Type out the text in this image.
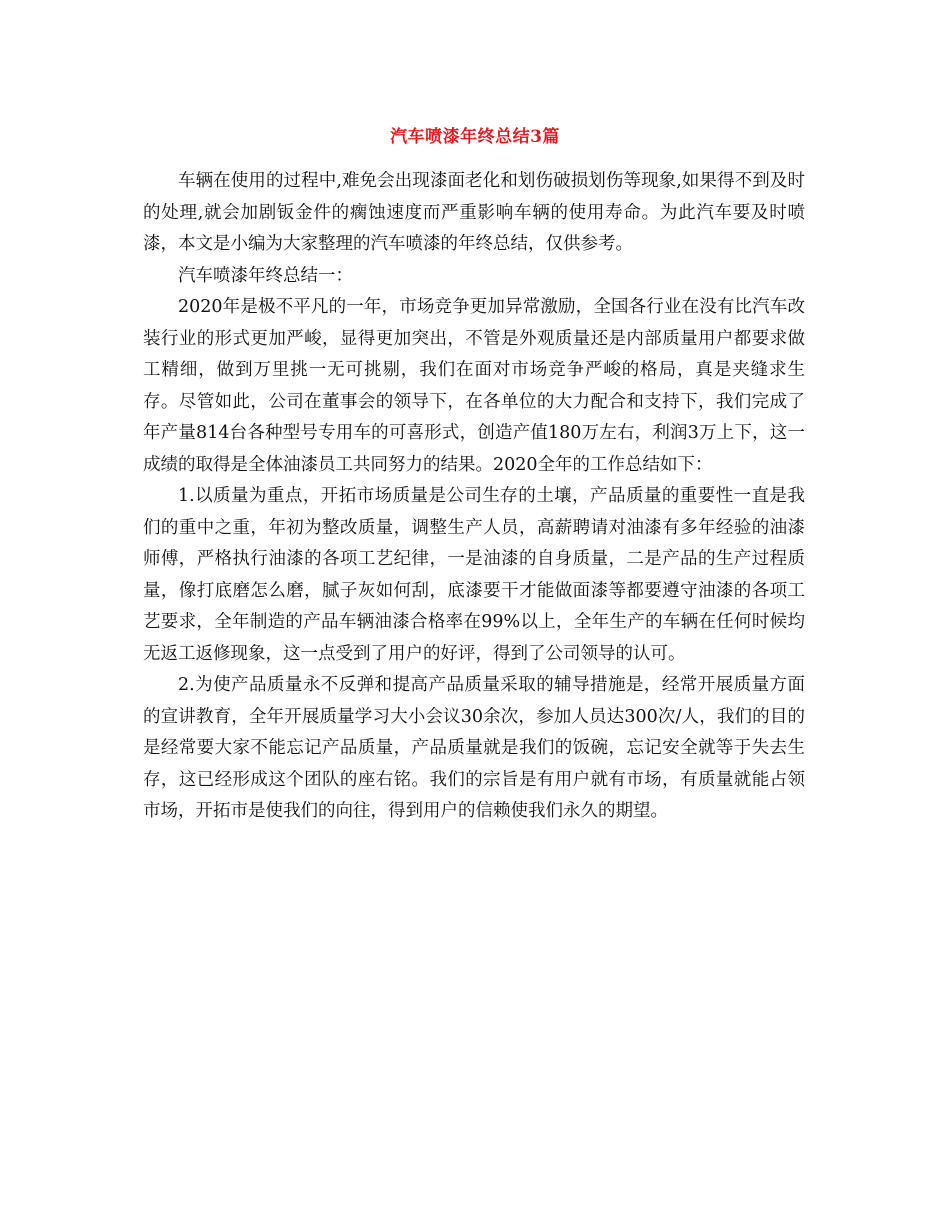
汽车喷漆年终总结3篇

车辆在使用的过程中,难免会出现漆面老化和划伤破损划伤等现象,如果得不到及时的处理,就会加剧钣金件的瘸蚀速度而严重影响车辆的使用寿命。为此汽车要及时喷漆，本文是小编为大家整理的汽车喷漆的年终总结，仅供参考。

汽车喷漆年终总结一：

2020年是极不平凡的一年，市场竞争更加异常激励，全国各行业在没有比汽车改装行业的形式更加严峻，显得更加突出，不管是外观质量还是内部质量用户都要求做工精细，做到万里挑一无可挑剔，我们在面对市场竞争严峻的格局，真是夹缝求生存。尽管如此，公司在董事会的领导下，在各单位的大力配合和支持下，我们完成了年产量814台各种型号专用车的可喜形式，创造产值180万左右，利润3万上下，这一成绩的取得是全体油漆员工共同努力的结果。2020全年的工作总结如下：

1.以质量为重点，开拓市场质量是公司生存的土壤，产品质量的重要性一直是我们的重中之重，年初为整改质量，调整生产人员，高薪聘请对油漆有多年经验的油漆师傅，严格执行油漆的各项工艺纪律，一是油漆的自身质量，二是产品的生产过程质量，像打底磨怎么磨，腻子灰如何刮，底漆要干才能做面漆等都要遵守油漆的各项工艺要求，全年制造的产品车辆油漆合格率在99%以上，全年生产的车辆在任何时候均无返工返修现象，这一点受到了用户的好评，得到了公司领导的认可。

2.为使产品质量永不反弹和提高产品质量采取的辅导措施是，经常开展质量方面的宣讲教育，全年开展质量学习大小会议30余次，参加人员达300次/人，我们的目的是经常要大家不能忘记产品质量，产品质量就是我们的饭碗，忘记安全就等于失去生存，这已经形成这个团队的座右铭。我们的宗旨是有用户就有市场，有质量就能占领市场，开拓市是使我们的向往，得到用户的信赖使我们永久的期望。
